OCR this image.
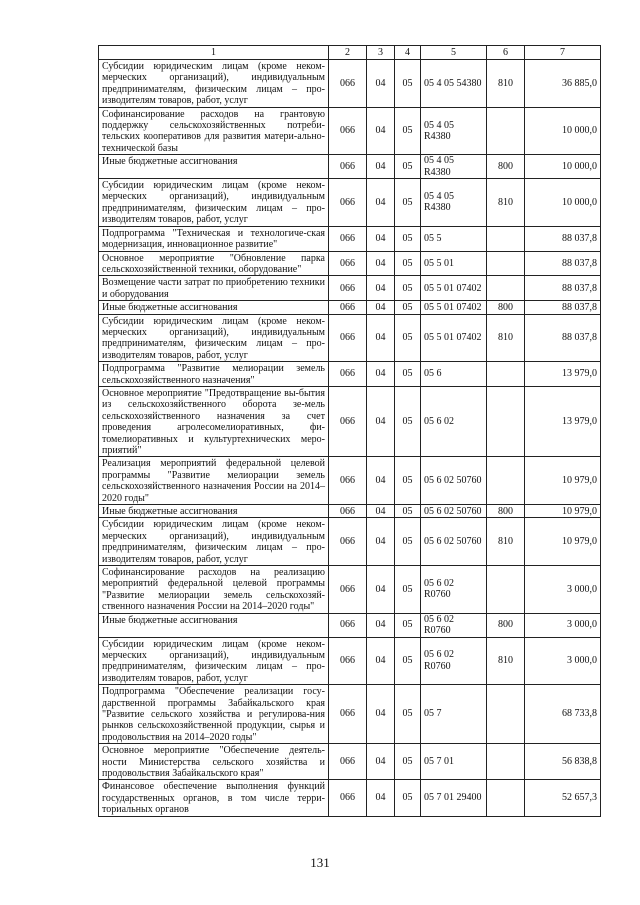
1	2	3	4	5	6	7
Субсидии юридическим лицам (кроме неком-мерческих организаций), индивидуальным предпринимателям, физическим лицам – про-изводителям товаров, работ, услуг	066	04	05	05 4 05 54380	810	36 885,0
Софинансирование расходов на грантовую поддержку сельскохозяйственных потреби-тельских кооперативов для развития матери-ально-технической базы	066	04	05	05 4 05 R4380		10 000,0
Иные бюджетные ассигнования	066	04	05	05 4 05 R4380	800	10 000,0
Субсидии юридическим лицам (кроме неком-мерческих организаций), индивидуальным предпринимателям, физическим лицам – про-изводителям товаров, работ, услуг	066	04	05	05 4 05 R4380	810	10 000,0
Подпрограмма "Техническая и технологиче-ская модернизация, инновационное развитие"	066	04	05	05 5		88 037,8
Основное мероприятие "Обновление парка сельскохозяйственной техники, оборудование"	066	04	05	05 5 01		88 037,8
Возмещение части затрат по приобретению техники и оборудования	066	04	05	05 5 01 07402		88 037,8
Иные бюджетные ассигнования	066	04	05	05 5 01 07402	800	88 037,8
Субсидии юридическим лицам (кроме неком-мерческих организаций), индивидуальным предпринимателям, физическим лицам – про-изводителям товаров, работ, услуг	066	04	05	05 5 01 07402	810	88 037,8
Подпрограмма "Развитие мелиорации земель сельскохозяйственного назначения"	066	04	05	05 6		13 979,0
Основное мероприятие "Предотвращение вы-бытия из сельскохозяйственного оборота зе-мель сельскохозяйственного назначения за счет проведения агролесомелиоративных, фи-томелиоративных и культуртехнических меро-приятий"	066	04	05	05 6 02		13 979,0
Реализация мероприятий федеральной целевой программы "Развитие мелиорации земель сельскохозяйственного назначения России на 2014–2020 годы"	066	04	05	05 6 02 50760		10 979,0
Иные бюджетные ассигнования	066	04	05	05 6 02 50760	800	10 979,0
Субсидии юридическим лицам (кроме неком-мерческих организаций), индивидуальным предпринимателям, физическим лицам – про-изводителям товаров, работ, услуг	066	04	05	05 6 02 50760	810	10 979,0
Софинансирование расходов на реализацию мероприятий федеральной целевой программы "Развитие мелиорации земель сельскохозяй-ственного назначения России на 2014–2020 годы"	066	04	05	05 6 02 R0760		3 000,0
Иные бюджетные ассигнования	066	04	05	05 6 02 R0760	800	3 000,0
Субсидии юридическим лицам (кроме неком-мерческих организаций), индивидуальным предпринимателям, физическим лицам – про-изводителям товаров, работ, услуг	066	04	05	05 6 02 R0760	810	3 000,0
Подпрограмма "Обеспечение реализации госу-дарственной программы Забайкальского края "Развитие сельского хозяйства и регулирова-ния рынков сельскохозяйственной продукции, сырья и продовольствия на 2014–2020 годы"	066	04	05	05 7		68 733,8
Основное мероприятие "Обеспечение деятель-ности Министерства сельского хозяйства и продовольствия Забайкальского края"	066	04	05	05 7 01		56 838,8
Финансовое обеспечение выполнения функций государственных органов, в том числе терри-ториальных органов	066	04	05	05 7 01 29400		52 657,3
131
